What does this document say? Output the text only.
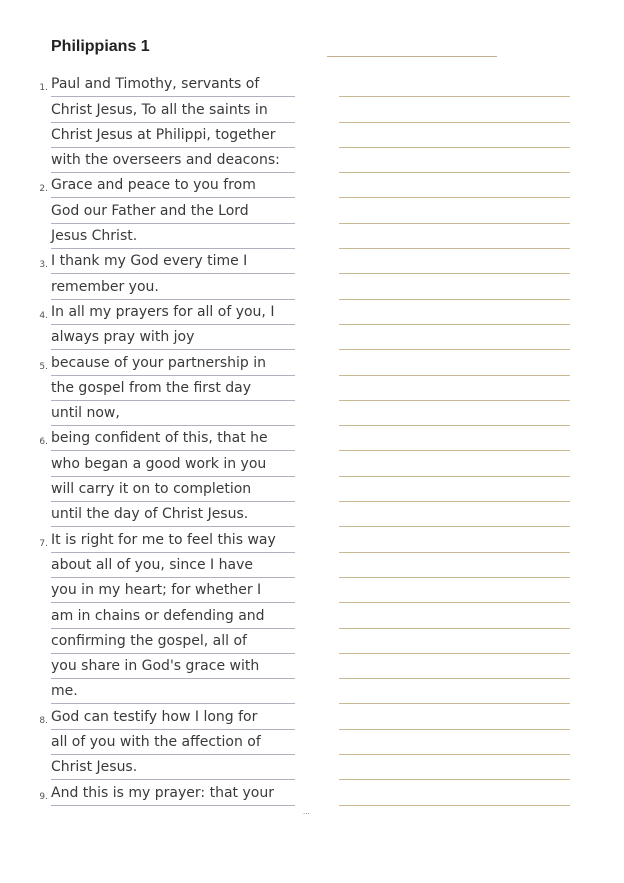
Philippians 1
1. Paul and Timothy, servants of
Christ Jesus, To all the saints in
Christ Jesus at Philippi, together
with the overseers and deacons:
2. Grace and peace to you from
God our Father and the Lord
Jesus Christ.
3. I thank my God every time I
remember you.
4. In all my prayers for all of you, I
always pray with joy
5. because of your partnership in
the gospel from the first day
until now,
6. being confident of this, that he
who began a good work in you
will carry it on to completion
until the day of Christ Jesus.
7. It is right for me to feel this way
about all of you, since I have
you in my heart; for whether I
am in chains or defending and
confirming the gospel, all of
you share in God's grace with
me.
8. God can testify how I long for
all of you with the affection of
Christ Jesus.
9. And this is my prayer: that your
···
